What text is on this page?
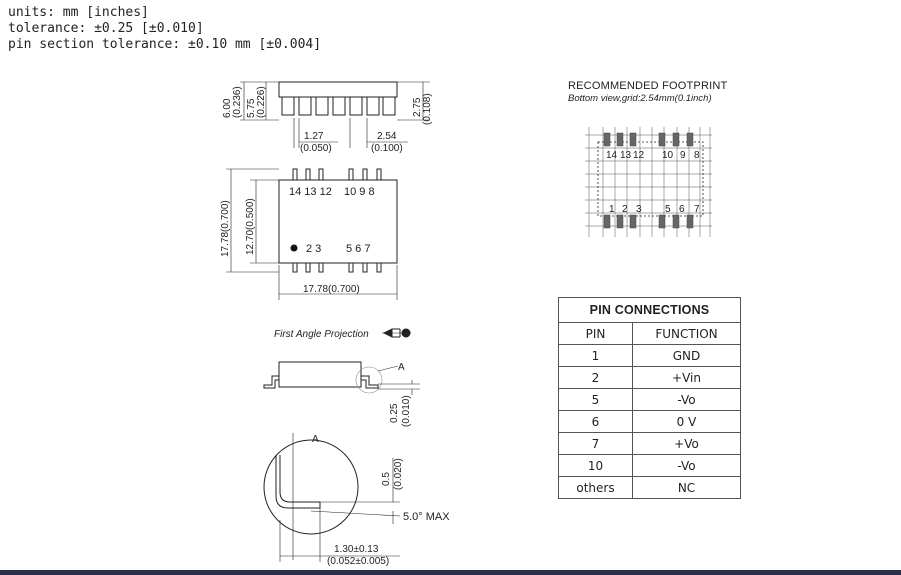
units: mm [inches]
tolerance: ±0.25 [±0.010]
pin section tolerance: ±0.10 mm [±0.004]
6.00 (0.236) 5.75 (0.226)	2.75 (0.108)
1.27
(0.050)
2.54
(0.100)
14 13 12 10 9 8
2 3 5 6 7
17.78(0.700) 12.70(0.500)
17.78(0.700)
First Angle Projection
A
0.25 (0.010)
A
0.5 (0.020)
5.0° MAX
1.30±0.13
(0.052±0.005)
RECOMMENDED FOOTPRINT
Bottom view,grid:2.54mm(0.1inch)
14 13 12 10 9 8
1 2 3 5 6 7
PIN CONNECTIONS	
PIN	FUNCTION
1	GND
2	+Vin
5	-Vo
6	0 V
7	+Vo
10	-Vo
others	NC
